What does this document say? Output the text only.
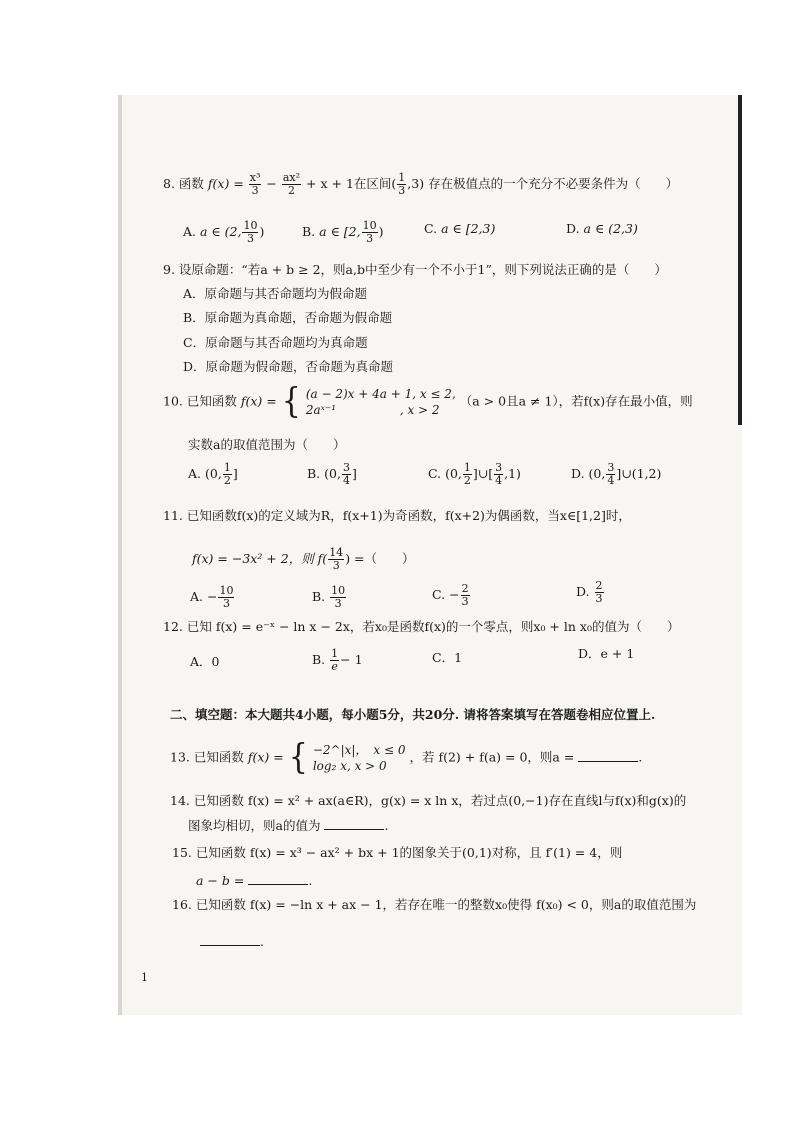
8. 函数 $f(x) = \frac{\text{x³}}{3} - \frac{\text{ax²}}{2} + x + 1$在区间( $\frac{1}{3} ,3$) 存在极值点的一个充分不必要条件为（　　）
A. a ∈ (2, $\frac{10}{3}$ )	B. a ∈ [2, $\frac{10}{3}$ )	C. a ∈ [2,3)	D. a ∈ (2,3)
9. 设原命题：“若a + b ≥ 2，则a,b中至少有一个不小于1”，则下列说法正确的是（　　）
A．原命题与其否命题均为假命题
B．原命题为真命题，否命题为假命题
C．原命题与其否命题均为真命题
D．原命题为假命题，否命题为真命题
10. 已知函数 f(x) = { (a − 2)x + 4a + 1, x ≤ 2,
2aˣ⁻¹　　　　　 , x > 2
（a > 0且a ≠ 1），若f(x)存在最小值，则
实数a的取值范围为（　　）
A. (0, $\frac{1}{2}$ ]	B. (0, $\frac{3}{4}$ ]	C. (0, $\frac{1}{2}$ ]∪[ $\frac{3}{4} ,1$)	D. (0, $\frac{3}{4}$ ]∪(1,2)
11. 已知函数f(x)的定义域为R，f(x+1)为奇函数，f(x+2)为偶函数，当x∈[1,2]时，
f(x) = −3x² + 2，则 $f( \frac{14}{3}$ ) =（　　）
A. − $\frac{10}{3}$	B. $\frac{10}{3}$	C. − $\frac{2}{3}$	D. $\frac{2}{3}$
12. 已知 f(x) = e⁻ˣ − ln x − 2x，若x₀是函数f(x)的一个零点，则x₀ + ln x₀的值为（　　）
A．0	B. $\frac{1}{e}- 1$	C．1	D．e + 1
二、填空题：本大题共4小题，每小题5分，共20分. 请将答案填写在答题卷相应位置上.
13. 已知函数 f(x) = { −2^|x|，　x ≤ 0
log₂ x, x > 0
，若 f(2) + f(a) = 0，则a =	.
14. 已知函数 f(x) = x² + ax(a∈R)，g(x) = x ln x，若过点(0,−1)存在直线l与f(x)和g(x)的
图象均相切，则a的值为	.
15. 已知函数 f(x) = x³ − ax² + bx + 1的图象关于(0,1)对称，且 f′(1) = 4，则
a − b =	.
16. 已知函数 f(x) = −ln x + ax − 1，若存在唯一的整数x₀使得 f(x₀) < 0，则a的取值范围为
.
1
